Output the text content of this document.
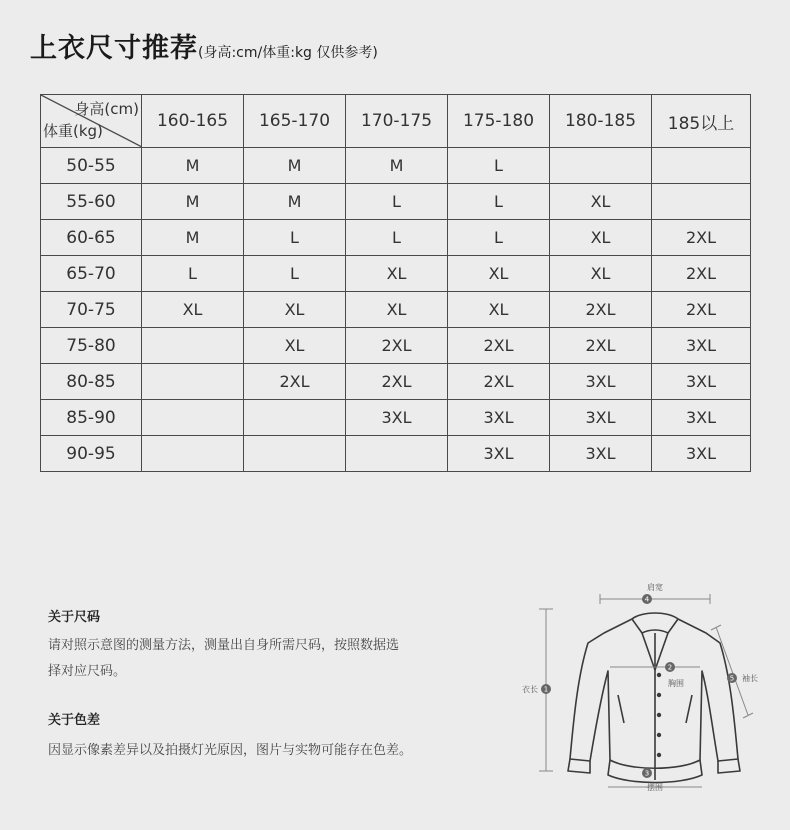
上衣尺寸推荐(身高:cm/体重:kg 仅供参考)
身高(cm)
体重(kg)	160-165	165-170	170-175	175-180	180-185	185以上
50-55	M	M	M	L		
55-60	M	M	L	L	XL	
60-65	M	L	L	L	XL	2XL
65-70	L	L	XL	XL	XL	2XL
70-75	XL	XL	XL	XL	2XL	2XL
75-80		XL	2XL	2XL	2XL	3XL
80-85		2XL	2XL	2XL	3XL	3XL
85-90			3XL	3XL	3XL	3XL
90-95				3XL	3XL	3XL
关于尺码
请对照示意图的测量方法，测量出自身所需尺码，按照数据选
择对应尺码。
关于色差
因显示像素差异以及拍摄灯光原因，图片与实物可能存在色差。
肩宽
胸围
衣长
袖长
摆围
4
2
1
5
3
